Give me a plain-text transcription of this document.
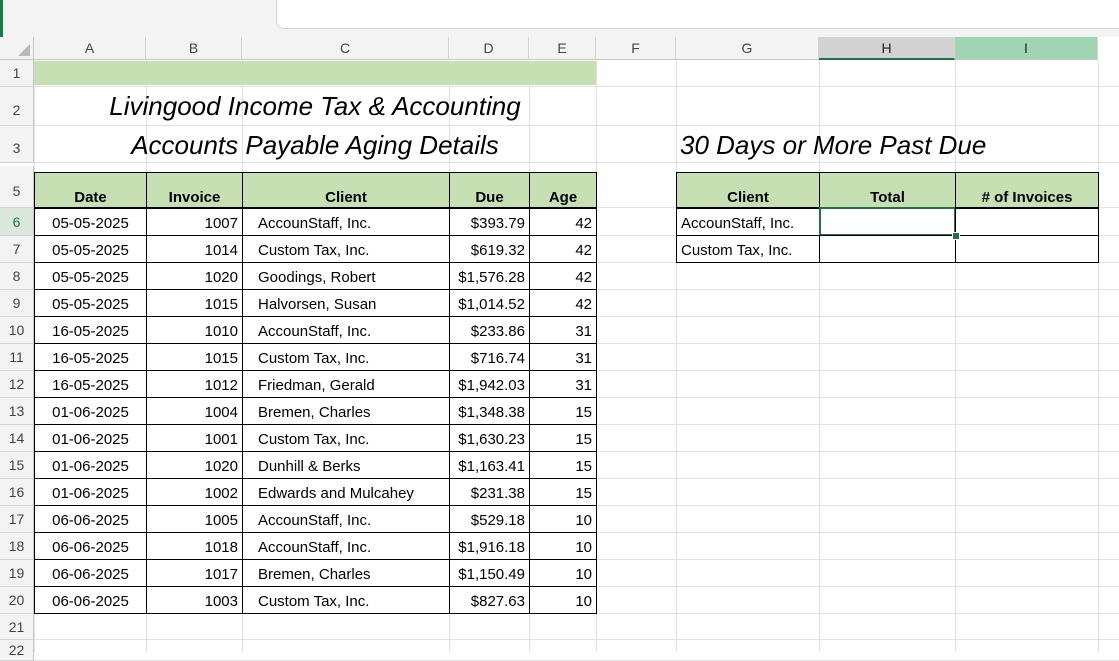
A	B	C	D	E	F	G	H	I
1
2
3
5
6
7
8
9
10
11
12
13
14
15
16
17
18
19
20
21
22
Livingood Income Tax & Accounting
Accounts Payable Aging Details	30 Days or More Past Due
Date	Invoice	Client	Due	Age
05-05-2025	1007	AccounStaff, Inc.	$393.79	42
05-05-2025	1014	Custom Tax, Inc.	$619.32	42
05-05-2025	1020	Goodings, Robert	$1,576.28	42
05-05-2025	1015	Halvorsen, Susan	$1,014.52	42
16-05-2025	1010	AccounStaff, Inc.	$233.86	31
16-05-2025	1015	Custom Tax, Inc.	$716.74	31
16-05-2025	1012	Friedman, Gerald	$1,942.03	31
01-06-2025	1004	Bremen, Charles	$1,348.38	15
01-06-2025	1001	Custom Tax, Inc.	$1,630.23	15
01-06-2025	1020	Dunhill & Berks	$1,163.41	15
01-06-2025	1002	Edwards and Mulcahey	$231.38	15
06-06-2025	1005	AccounStaff, Inc.	$529.18	10
06-06-2025	1018	AccounStaff, Inc.	$1,916.18	10
06-06-2025	1017	Bremen, Charles	$1,150.49	10
06-06-2025	1003	Custom Tax, Inc.	$827.63	10
Client	Total	# of Invoices
AccounStaff, Inc.
Custom Tax, Inc.
